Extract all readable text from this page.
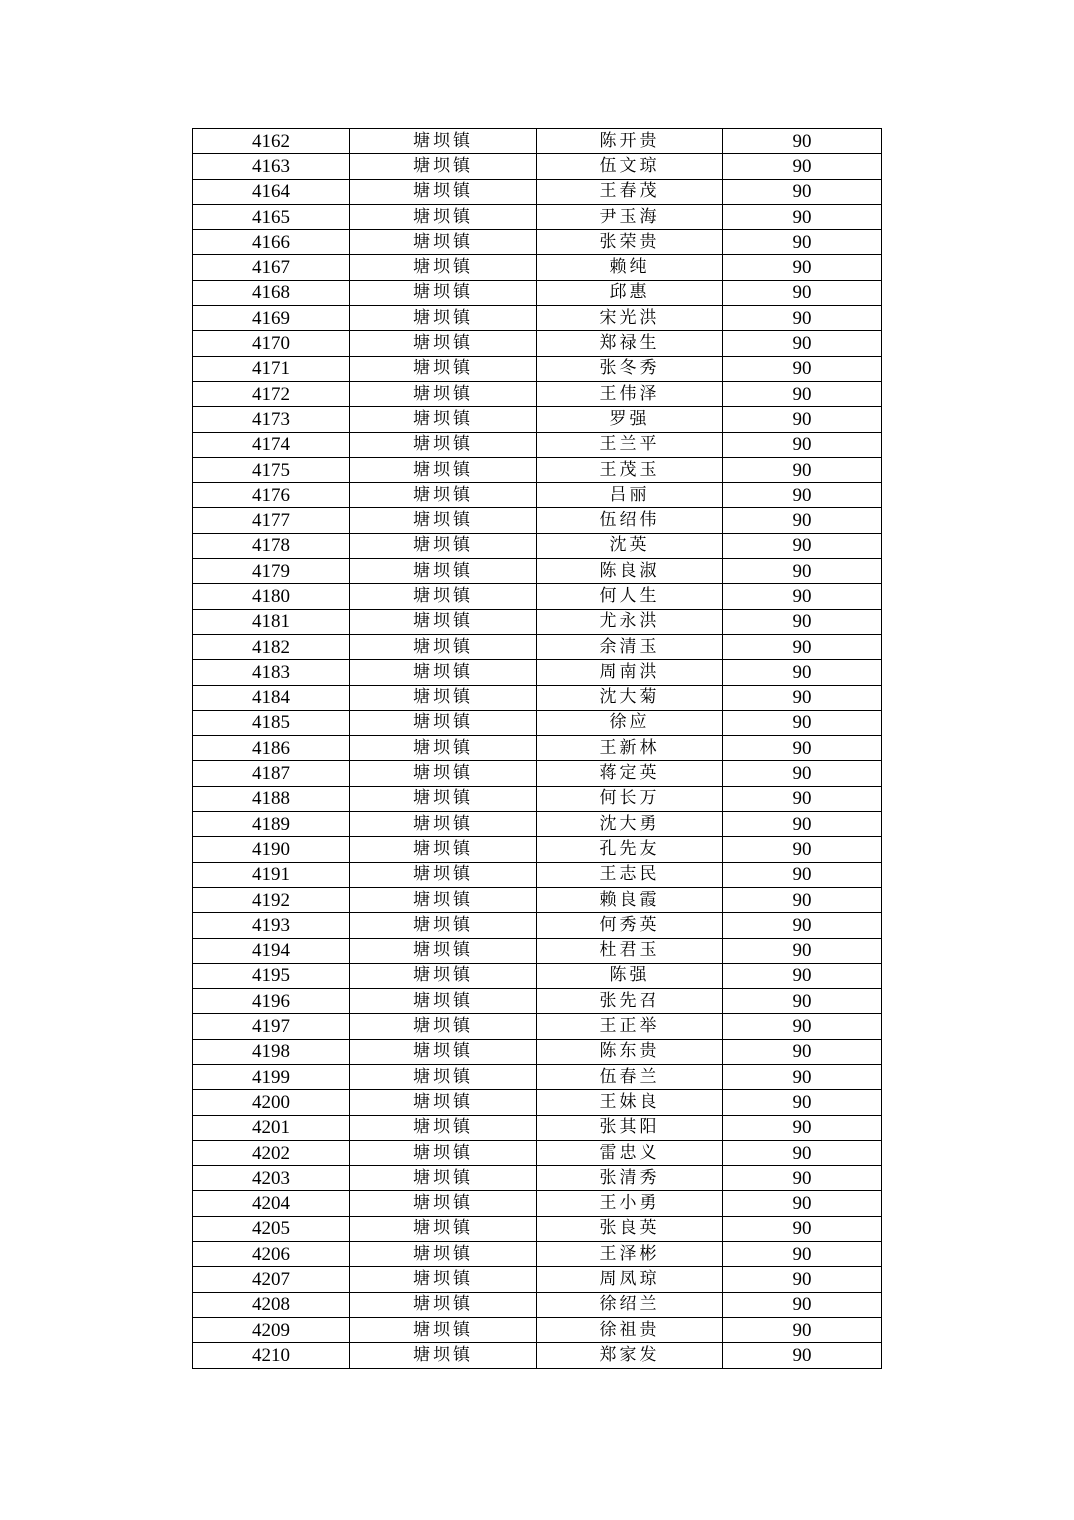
4162	塘坝镇	陈开贵	90
4163	塘坝镇	伍文琼	90
4164	塘坝镇	王春茂	90
4165	塘坝镇	尹玉海	90
4166	塘坝镇	张荣贵	90
4167	塘坝镇	赖纯	90
4168	塘坝镇	邱惠	90
4169	塘坝镇	宋光洪	90
4170	塘坝镇	郑禄生	90
4171	塘坝镇	张冬秀	90
4172	塘坝镇	王伟泽	90
4173	塘坝镇	罗强	90
4174	塘坝镇	王兰平	90
4175	塘坝镇	王茂玉	90
4176	塘坝镇	吕丽	90
4177	塘坝镇	伍绍伟	90
4178	塘坝镇	沈英	90
4179	塘坝镇	陈良淑	90
4180	塘坝镇	何人生	90
4181	塘坝镇	尤永洪	90
4182	塘坝镇	余清玉	90
4183	塘坝镇	周南洪	90
4184	塘坝镇	沈大菊	90
4185	塘坝镇	徐应	90
4186	塘坝镇	王新林	90
4187	塘坝镇	蒋定英	90
4188	塘坝镇	何长万	90
4189	塘坝镇	沈大勇	90
4190	塘坝镇	孔先友	90
4191	塘坝镇	王志民	90
4192	塘坝镇	赖良霞	90
4193	塘坝镇	何秀英	90
4194	塘坝镇	杜君玉	90
4195	塘坝镇	陈强	90
4196	塘坝镇	张先召	90
4197	塘坝镇	王正举	90
4198	塘坝镇	陈东贵	90
4199	塘坝镇	伍春兰	90
4200	塘坝镇	王妹良	90
4201	塘坝镇	张其阳	90
4202	塘坝镇	雷忠义	90
4203	塘坝镇	张清秀	90
4204	塘坝镇	王小勇	90
4205	塘坝镇	张良英	90
4206	塘坝镇	王泽彬	90
4207	塘坝镇	周凤琼	90
4208	塘坝镇	徐绍兰	90
4209	塘坝镇	徐祖贵	90
4210	塘坝镇	郑家发	90
